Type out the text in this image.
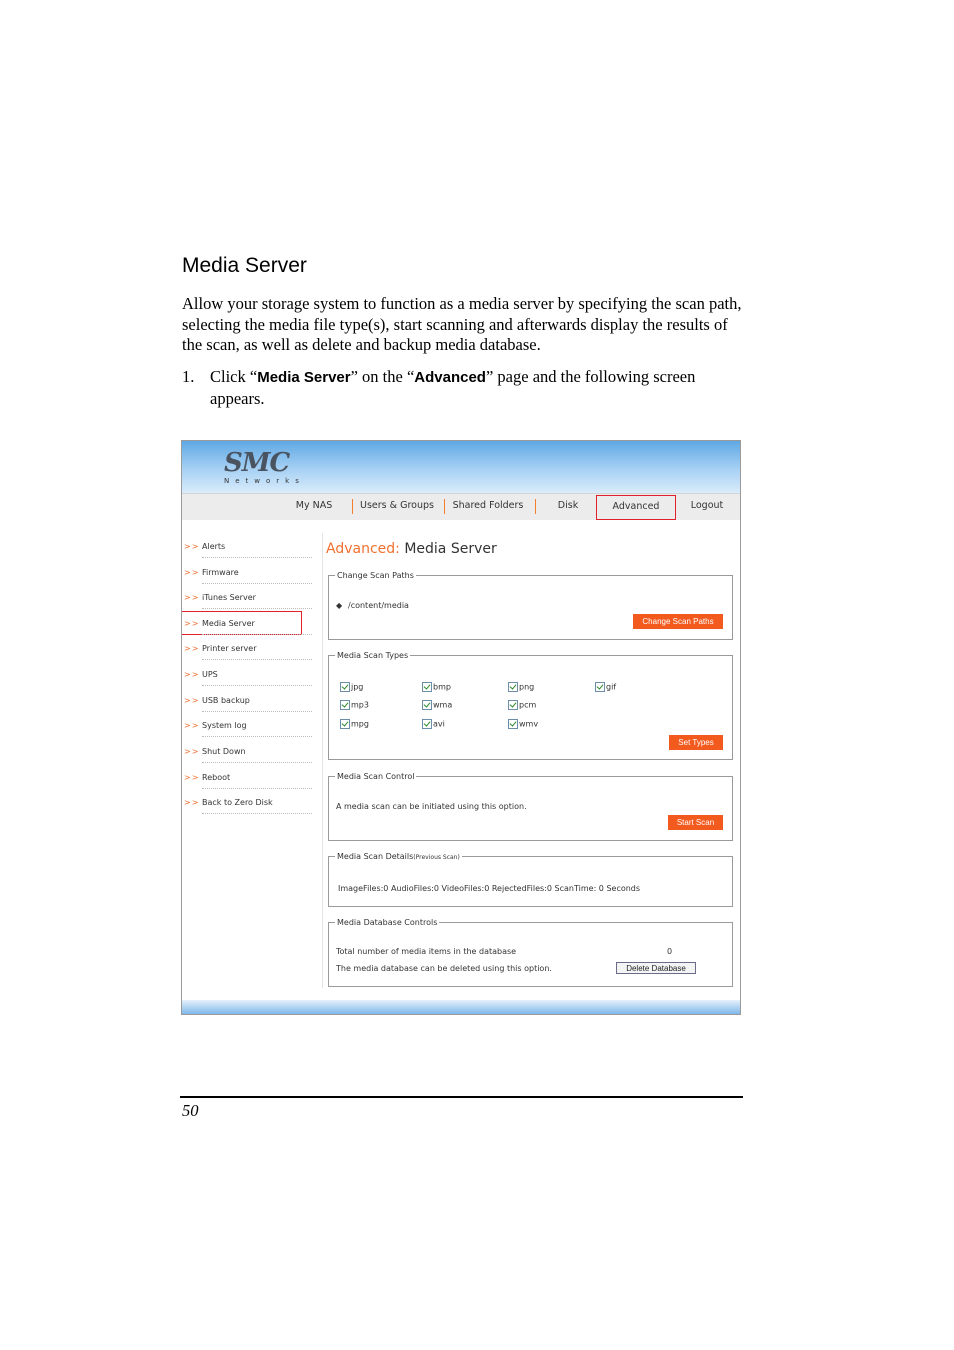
Media Server

Allow your storage system to function as a media server by specifying the scan path, selecting the media file type(s), start scanning and afterwards display the results of the scan, as well as delete and backup media database.

1. Click “Media Server” on the “Advanced” page and the following screen appears.
SMC
Networks
My NAS	Users & Groups	Shared Folders	Disk	Advanced	Logout
>> Alerts
>> Firmware
>> iTunes Server
>> Media Server
>> Printer server
>> UPS
>> USB backup
>> System log
>> Shut Down
>> Reboot
>> Back to Zero Disk
Advanced: Media Server
Change Scan Paths
◆ /content/media
Change Scan Paths
Media Scan Types
jpg	bmp	png	gif
mp3	wma	pcm
mpg	avi	wmv
Set Types
Media Scan Control
A media scan can be initiated using this option.
Start Scan
Media Scan Details(Previous Scan)
ImageFiles:0 AudioFiles:0 VideoFiles:0 RejectedFiles:0 ScanTime: 0 Seconds
Media Database Controls
Total number of media items in the database	0
The media database can be deleted using this option.	Delete Database
50
